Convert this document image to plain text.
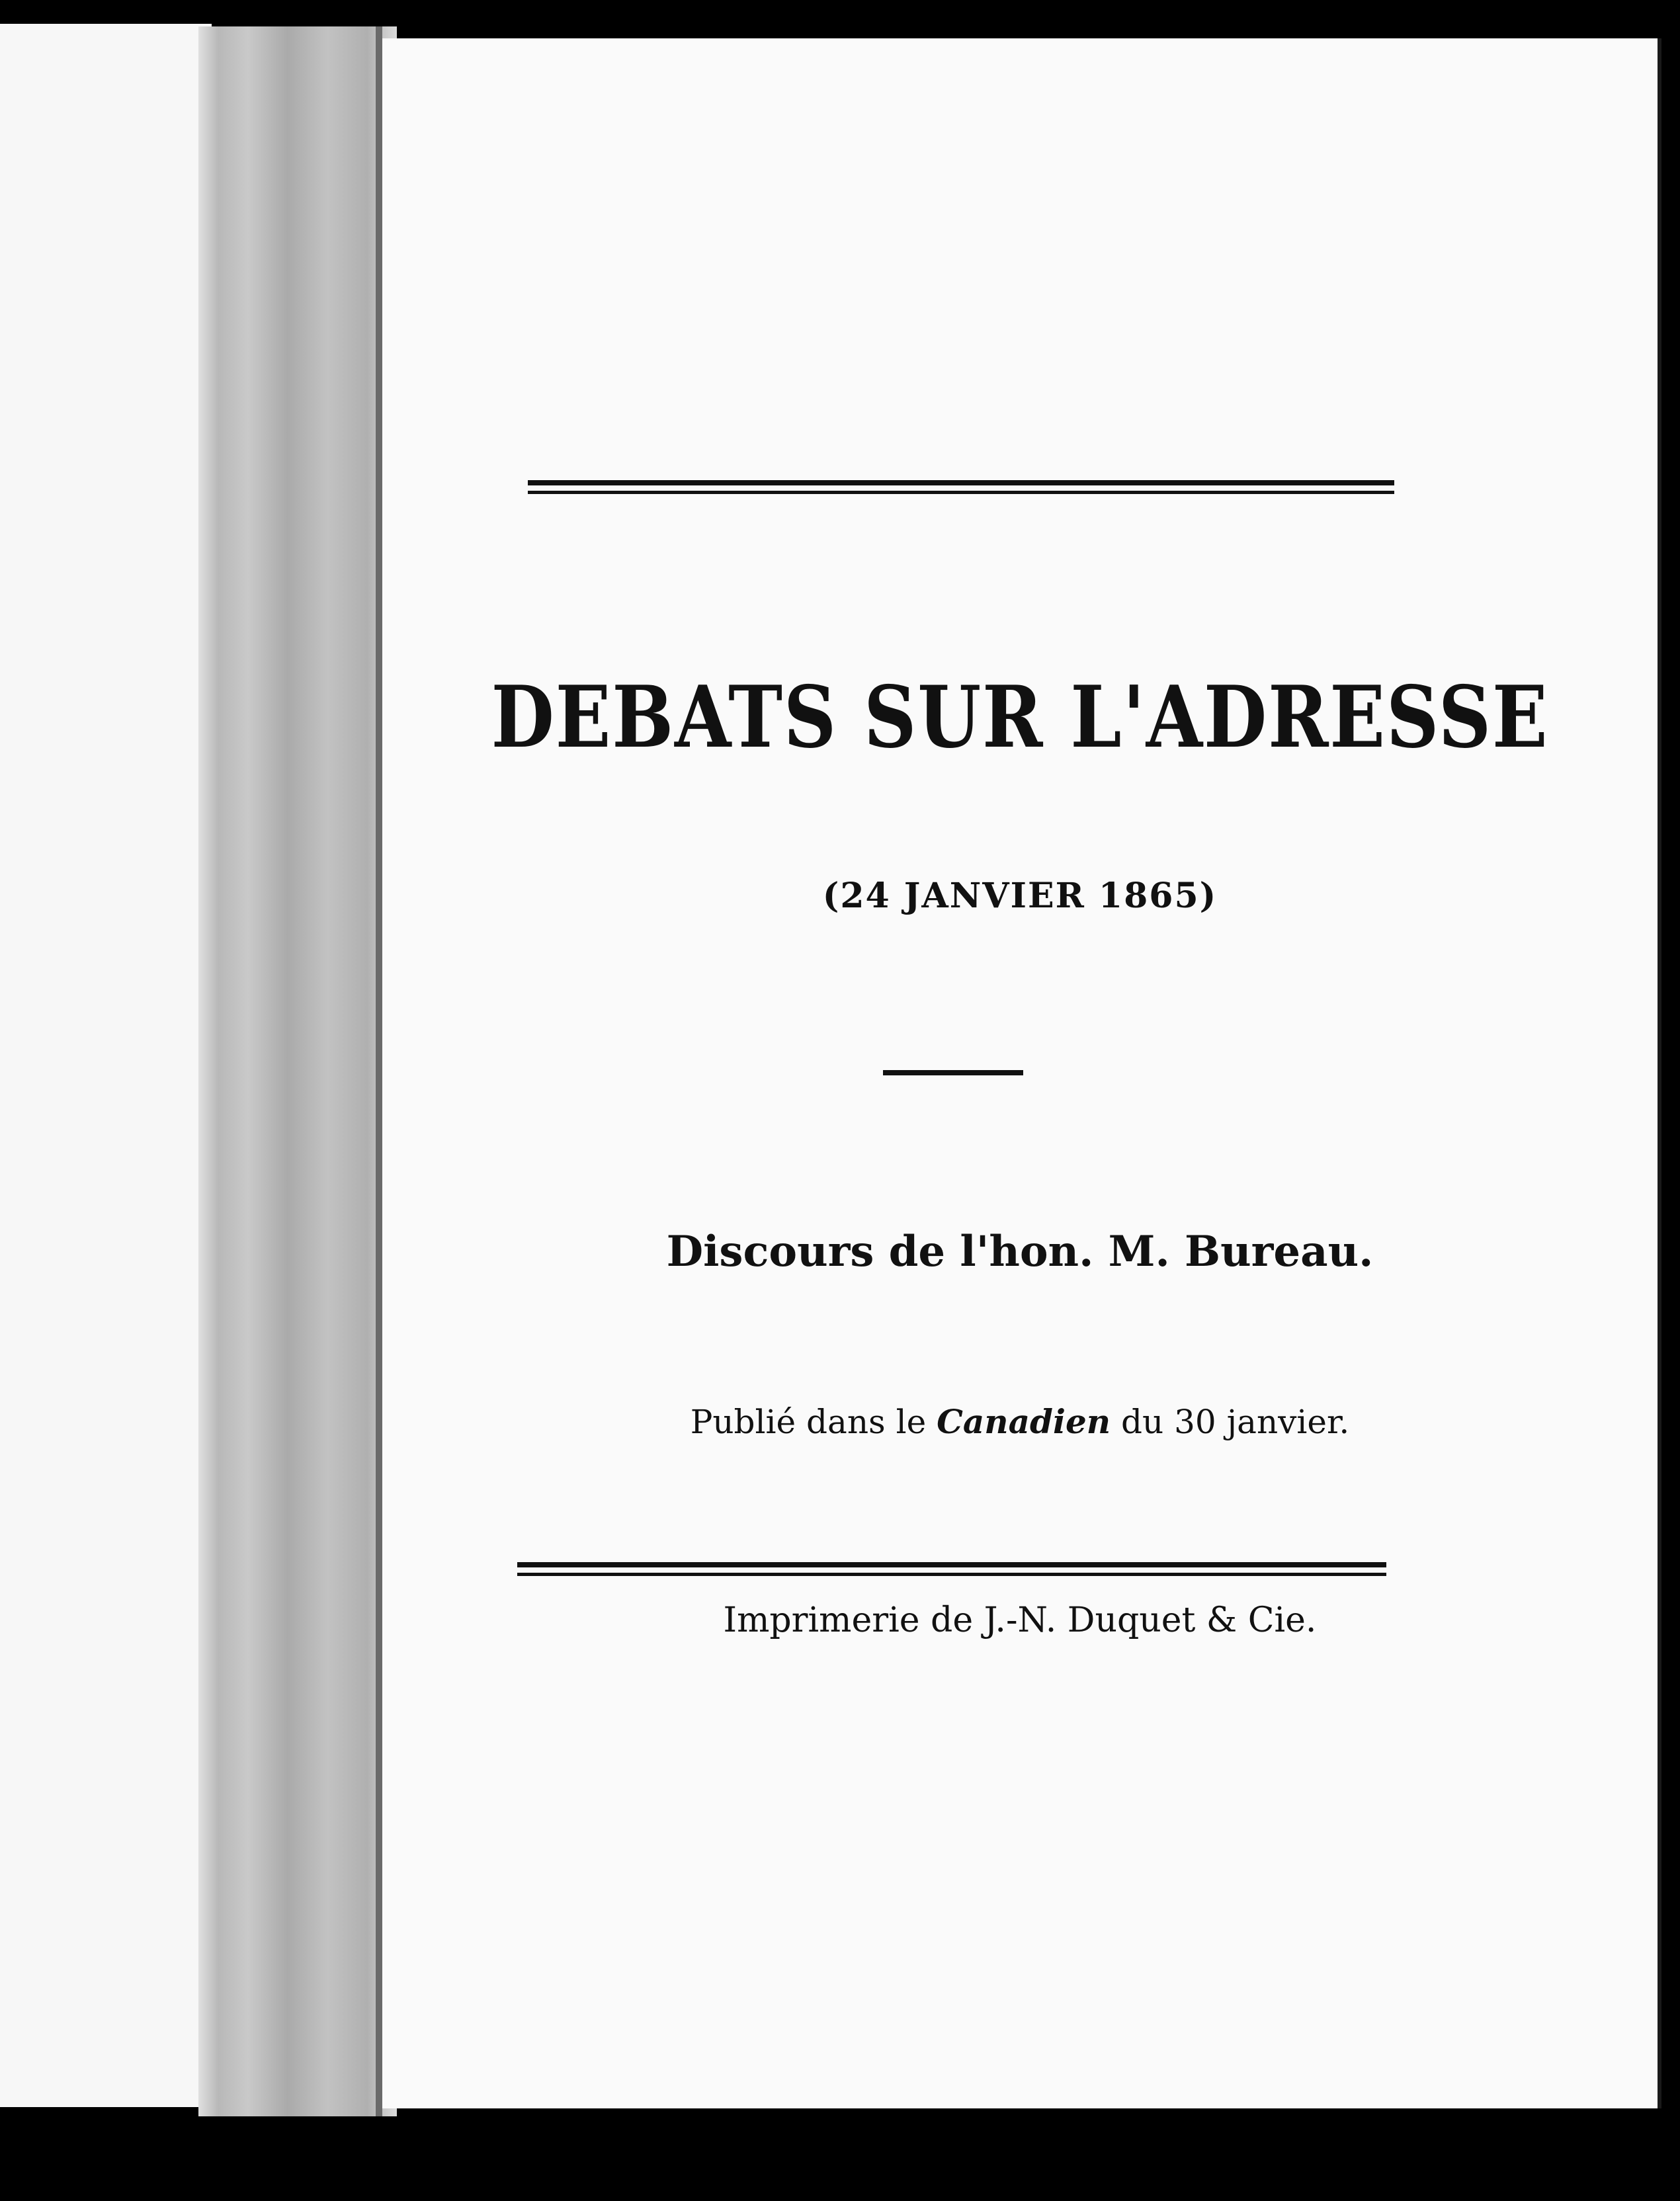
DEBATS SUR L'ADRESSE
(24 JANVIER 1865)
Discours de l'hon. M. Bureau.
Publié dans le Canadien du 30 janvier.
Imprimerie de J.-N. Duquet & Cie.
